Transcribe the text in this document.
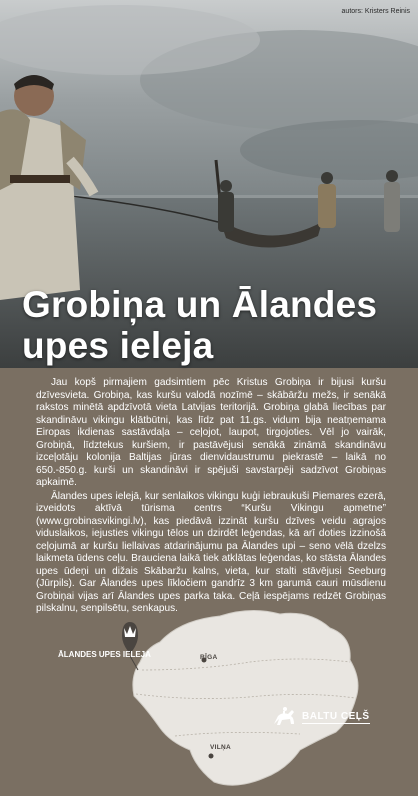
autors: Kristers Reinis
Grobiņa un Ālandes upes ieleja

Jau kopš pirmajiem gadsimtiem pēc Kristus Grobiņa ir bijusi kuršu dzīvesvieta. Grobiņa, kas kuršu valodā nozīmē – skābāržu mežs, ir senākā rakstos minētā apdzīvotā vieta Latvijas teritorijā. Grobiņa glabā liecības par skandināvu vikingu klātbūtni, kas līdz pat 11.gs. vidum bija neatņemama Eiropas ikdienas sastāvdaļa – ceļojot, laupot, tirgojoties. Vēl jo vairāk, Grobiņā, līdztekus kuršiem, ir pastāvējusi senākā zināmā skandināvu izceļotāju kolonija Baltijas jūras dienvidaustrumu piekrastē – laikā no 650.-850.g. kurši un skandināvi ir spējuši savstarpēji sadzīvot Grobiņas apkaimē.

Ālandes upes ielejā, kur senlaikos vikingu kuģi iebraukuši Piemares ezerā, izveidots aktīvā tūrisma centrs “Kuršu Vikingu apmetne” (www.grobinasvikingi.lv), kas piedāvā izzināt kuršu dzīves veidu agrajos viduslaikos, iejusties vikingu tēlos un dzirdēt leģendas, kā arī doties izzinošā ceļojumā ar kuršu liellaivas atdarinājumu pa Ālandes upi – seno vēlā dzelzs laikmeta ūdens ceļu. Brauciena laikā tiek atklātas leģendas, ko stāsta Ālandes upes ūdeņi un dižais Skābaržu kalns, vieta, kur stalti stāvējusi Seeburg (Jūrpils). Gar Ālandes upes līkločiem gandrīz 3 km garumā cauri mūsdienu Grobiņai vijas arī Ālandes upes parka taka. Ceļā iespējams redzēt Grobiņas pilskalnu, senpilsētu, senkapus.

ĀLANDES UPES IELEJA	RĪGA
VILŅA
BALTU CEĻŠ
